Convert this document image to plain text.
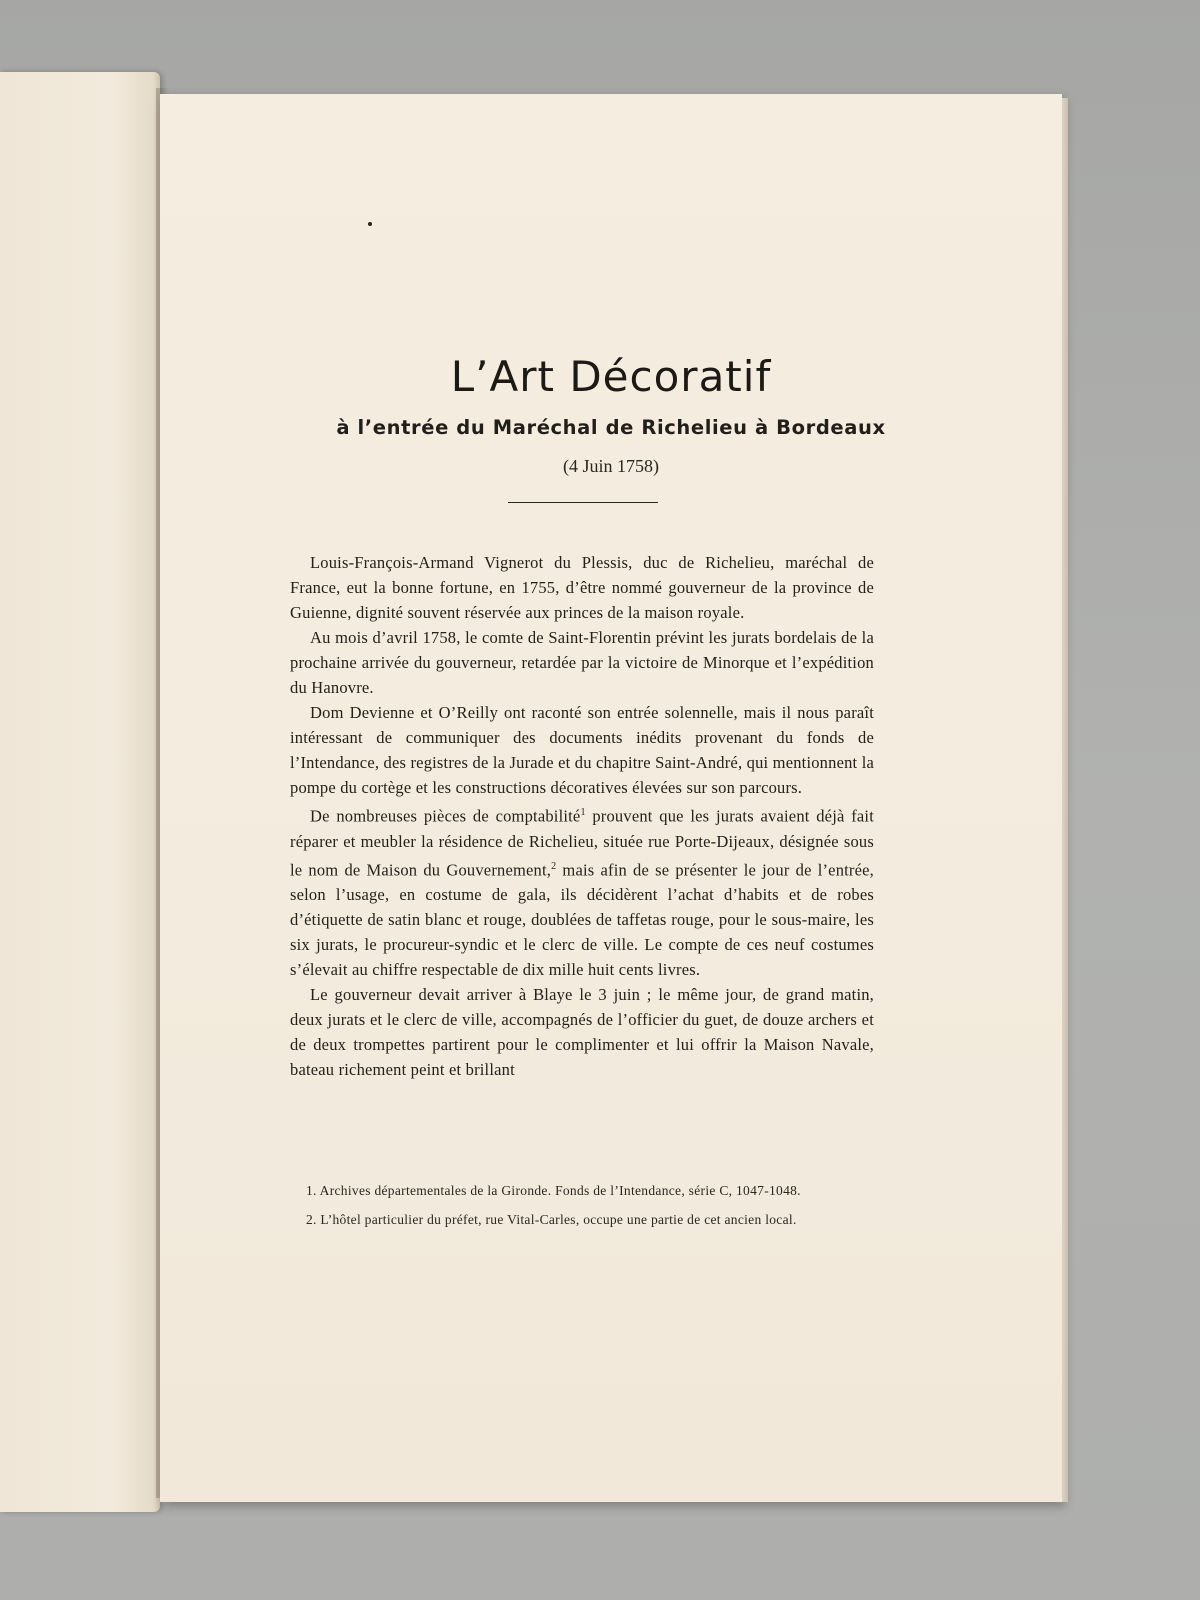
L’Art Décoratif
à l’entrée du Maréchal de Richelieu à Bordeaux

(4 Juin 1758)

Louis-François-Armand Vignerot du Plessis, duc de Richelieu, maréchal de France, eut la bonne fortune, en 1755, d’être nommé gouverneur de la province de Guienne, dignité souvent réservée aux princes de la maison royale.

Au mois d’avril 1758, le comte de Saint-Florentin prévint les jurats bordelais de la prochaine arrivée du gouverneur, retardée par la victoire de Minorque et l’expédition du Hanovre.

Dom Devienne et O’Reilly ont raconté son entrée solennelle, mais il nous paraît intéressant de communiquer des documents inédits provenant du fonds de l’Intendance, des registres de la Jurade et du chapitre Saint-André, qui mentionnent la pompe du cortège et les constructions décoratives élevées sur son parcours.

De nombreuses pièces de comptabilité$^1$ prouvent que les jurats avaient déjà fait réparer et meubler la résidence de Richelieu, située rue Porte-Dijeaux, désignée sous le nom de Maison du Gouvernement,$^2$ mais afin de se présenter le jour de l’entrée, selon l’usage, en costume de gala, ils décidèrent l’achat d’habits et de robes d’étiquette de satin blanc et rouge, doublées de taffetas rouge, pour le sous-maire, les six jurats, le procureur-syndic et le clerc de ville. Le compte de ces neuf costumes s’élevait au chiffre respectable de dix mille huit cents livres.

Le gouverneur devait arriver à Blaye le 3 juin ; le même jour, de grand matin, deux jurats et le clerc de ville, accompagnés de l’officier du guet, de douze archers et de deux trompettes partirent pour le complimenter et lui offrir la Maison Navale, bateau richement peint et brillant

1. Archives départementales de la Gironde. Fonds de l’Intendance, série C, 1047-1048.

2. L’hôtel particulier du préfet, rue Vital-Carles, occupe une partie de cet ancien local.
